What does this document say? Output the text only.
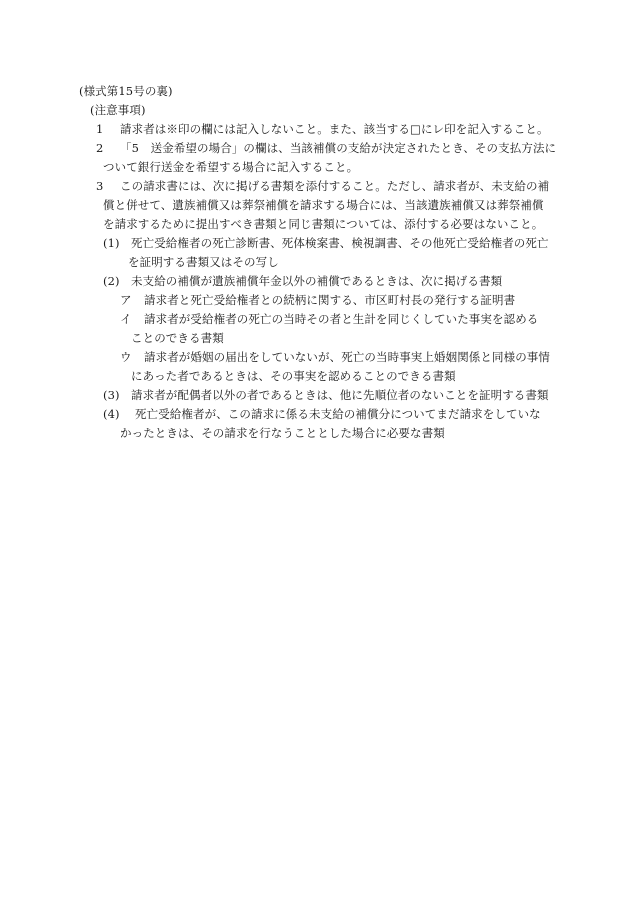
(様式第15号の裏)
(注意事項)
1 請求者は※印の欄には記入しないこと。また、該当する□にレ印を記入すること。
2 「5　送金希望の場合」の欄は、当該補償の支給が決定されたとき、その支払方法に
ついて銀行送金を希望する場合に記入すること。
3 この請求書には、次に掲げる書類を添付すること。ただし、請求者が、未支給の補
償と併せて、遺族補償又は葬祭補償を請求する場合には、当該遺族補償又は葬祭補償
を請求するために提出すべき書類と同じ書類については、添付する必要はないこと。
(1) 死亡受給権者の死亡診断書、死体検案書、検視調書、その他死亡受給権者の死亡
を証明する書類又はその写し
(2) 未支給の補償が遺族補償年金以外の補償であるときは、次に掲げる書類
ア 請求者と死亡受給権者との続柄に関する、市区町村長の発行する証明書
イ 請求者が受給権者の死亡の当時その者と生計を同じくしていた事実を認める
ことのできる書類
ウ 請求者が婚姻の届出をしていないが、死亡の当時事実上婚姻関係と同様の事情
にあった者であるときは、その事実を認めることのできる書類
(3) 請求者が配偶者以外の者であるときは、他に先順位者のないことを証明する書類
(4) 死亡受給権者が、この請求に係る未支給の補償分についてまだ請求をしていな
かったときは、その請求を行なうこととした場合に必要な書類
